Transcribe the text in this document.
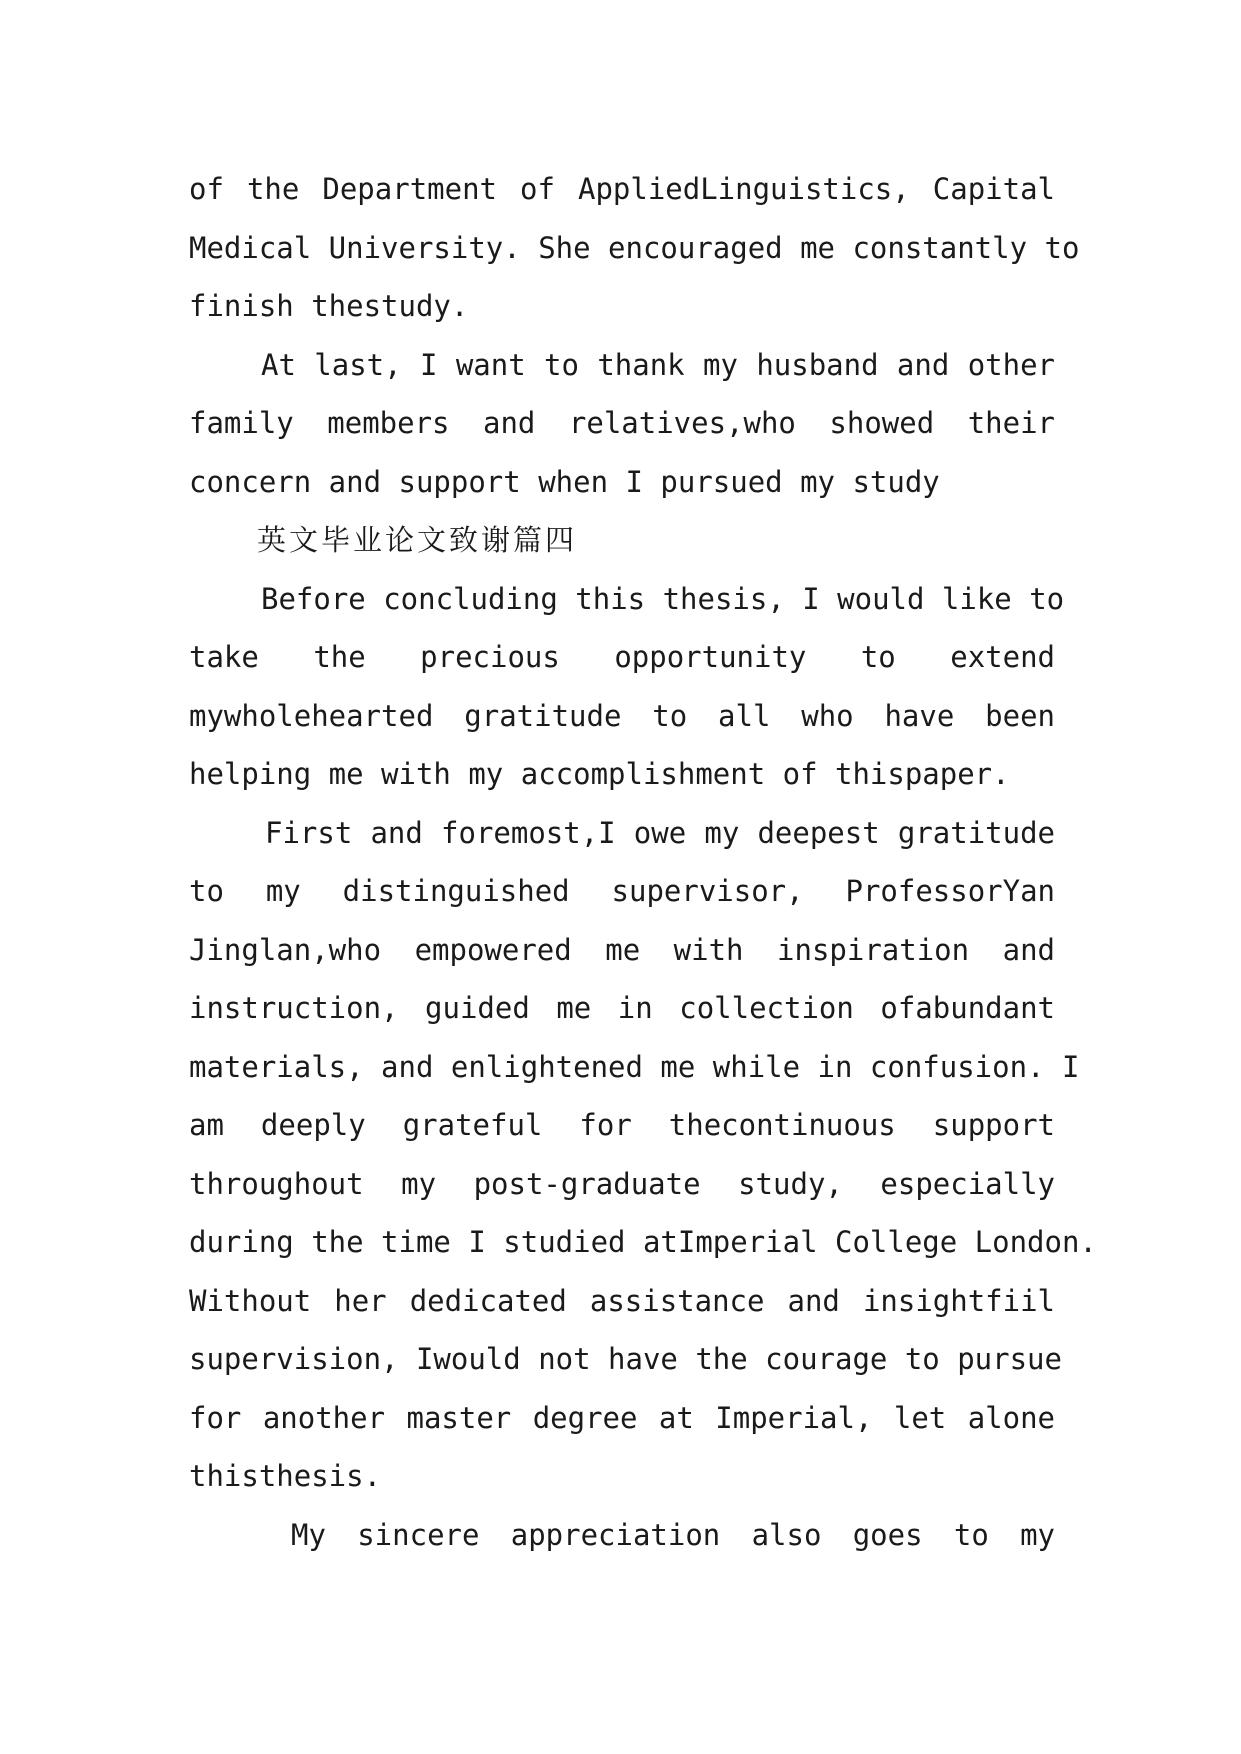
of the Department of AppliedLinguistics, Capital
Medical University. She encouraged me constantly to
finish thestudy.
At last, I want to thank my husband and other
family members and relatives,who showed their
concern and support when I pursued my study
英文毕业论文致谢篇四
Before concluding this thesis, I would like to
take the precious opportunity to extend
mywholehearted gratitude to all who have been
helping me with my accomplishment of thispaper.
First and foremost,I owe my deepest gratitude
to my distinguished supervisor, ProfessorYan
Jinglan,who empowered me with inspiration and
instruction, guided me in collection ofabundant
materials, and enlightened me while in confusion. I
am deeply grateful for thecontinuous support
throughout my post-graduate study, especially
during the time I studied atImperial College London.
Without her dedicated assistance and insightfiil
supervision, Iwould not have the courage to pursue
for another master degree at Imperial, let alone
thisthesis.
My sincere appreciation also goes to my
